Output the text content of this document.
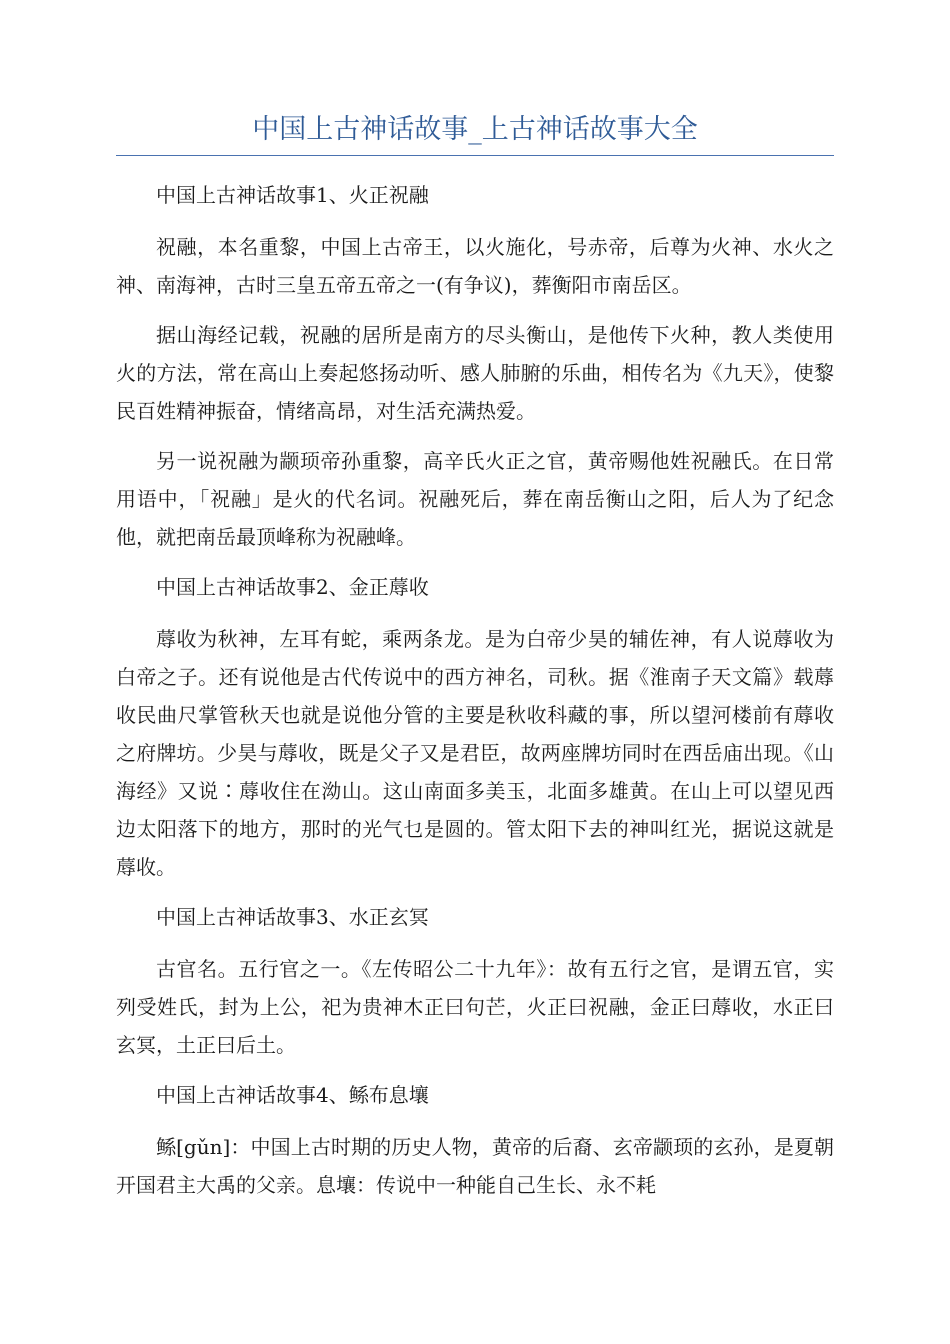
中国上古神话故事_上古神话故事大全

中国上古神话故事1、火正祝融

祝融，本名重黎，中国上古帝王，以火施化，号赤帝，后尊为火神、水火之神、南海神，古时三皇五帝五帝之一(有争议)，葬衡阳市南岳区。

据山海经记载，祝融的居所是南方的尽头衡山，是他传下火种，教人类使用火的方法，常在高山上奏起悠扬动听、感人肺腑的乐曲，相传名为《九天》，使黎民百姓精神振奋，情绪高昂，对生活充满热爱。

另一说祝融为颛顼帝孙重黎，高辛氏火正之官，黄帝赐他姓祝融氏。在日常用语中，「祝融」是火的代名词。祝融死后，葬在南岳衡山之阳，后人为了纪念他，就把南岳最顶峰称为祝融峰。

中国上古神话故事2、金正蓐收

蓐收为秋神，左耳有蛇，乘两条龙。是为白帝少昊的辅佐神，有人说蓐收为白帝之子。还有说他是古代传说中的西方神名，司秋。据《淮南子天文篇》载蓐收民曲尺掌管秋天也就是说他分管的主要是秋收科藏的事，所以望河楼前有蓐收之府牌坊。少昊与蓐收，既是父子又是君臣，故两座牌坊同时在西岳庙出现。《山海经》又说∶蓐收住在泑山。这山南面多美玉，北面多雄黄。在山上可以望见西边太阳落下的地方，那时的光气乜是圆的。管太阳下去的神叫红光，据说这就是蓐收。

中国上古神话故事3、水正玄冥

古官名。五行官之一。《左传昭公二十九年》：故有五行之官，是谓五官，实列受姓氏，封为上公，祀为贵神木正曰句芒，火正曰祝融，金正曰蓐收，水正曰玄冥，土正曰后土。

中国上古神话故事4、鲧布息壤

鲧[gǔn]：中国上古时期的历史人物，黄帝的后裔、玄帝颛顼的玄孙，是夏朝开国君主大禹的父亲。息壤：传说中一种能自己生长、永不耗
